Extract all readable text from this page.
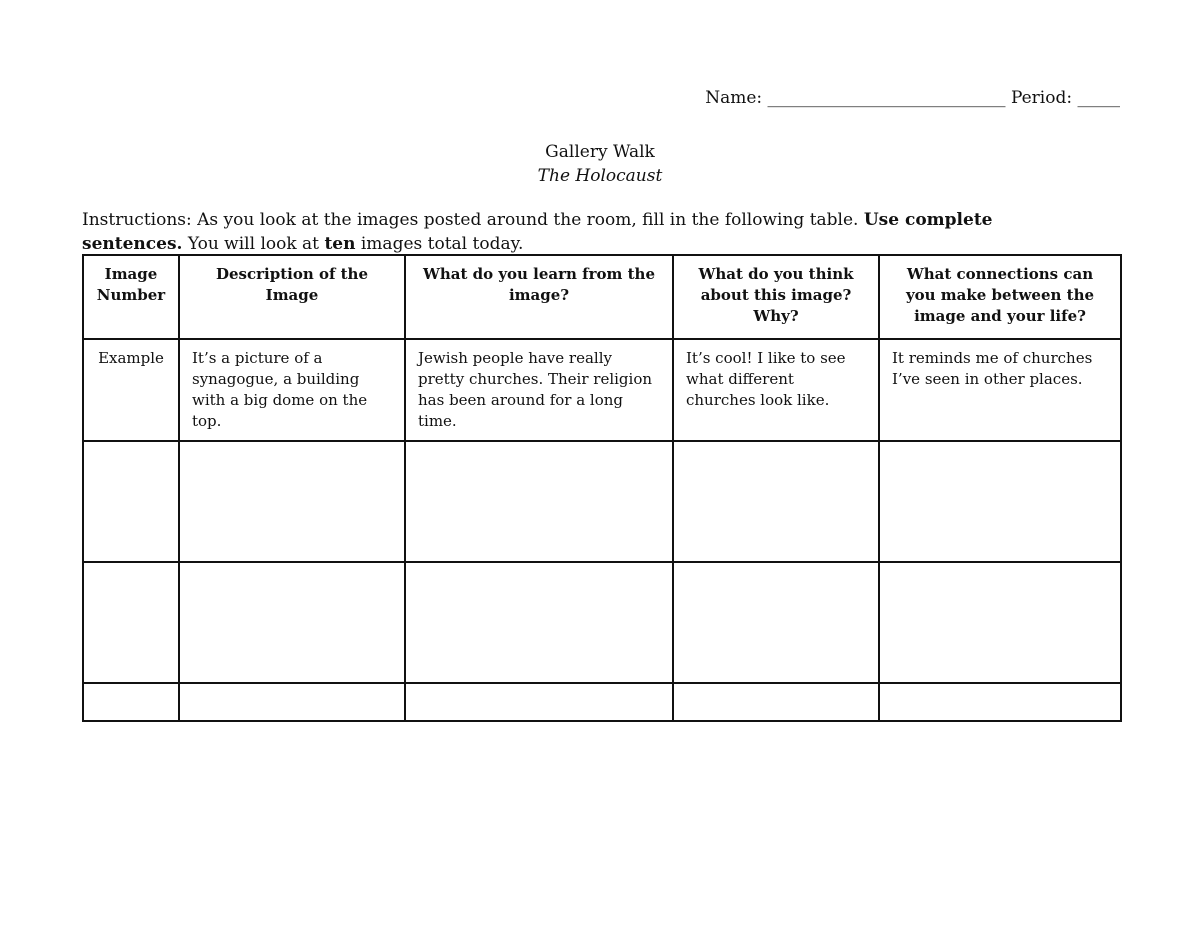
Name: ____________________________ Period: _____
Gallery Walk
The Holocaust
Instructions: As you look at the images posted around the room, fill in the following table. Use complete sentences. You will look at ten images total today.
Image Number	Description of the Image	What do you learn from the image?	What do you think about this image? Why?	What connections can you make between the image and your life?
Example	It’s a picture of a synagogue, a building with a big dome on the top.	Jewish people have really pretty churches. Their religion has been around for a long time.	It’s cool! I like to see what different churches look like.	It reminds me of churches I’ve seen in other places.
